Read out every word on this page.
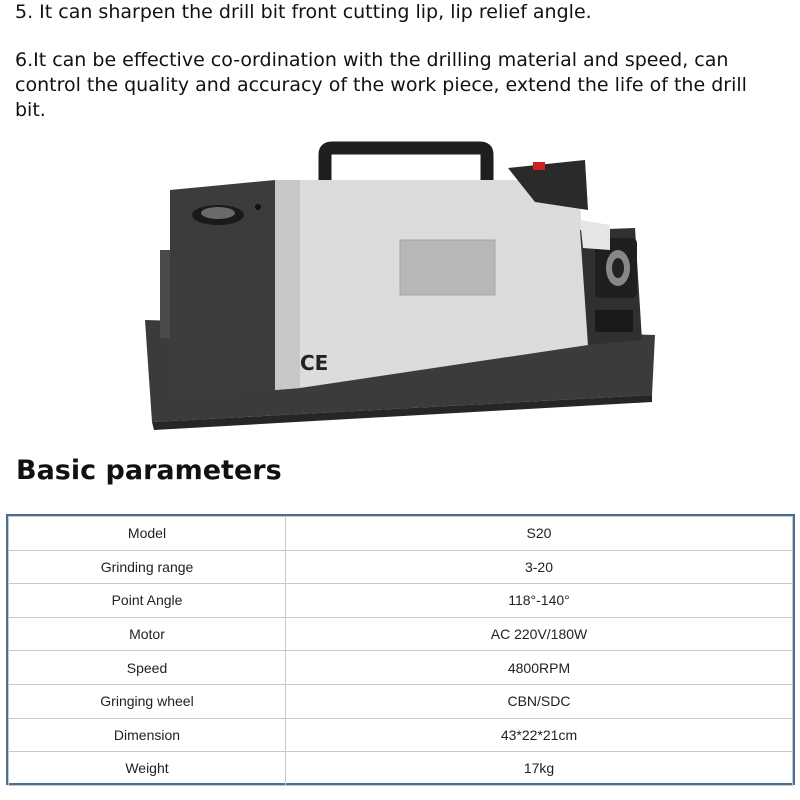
5. It can sharpen the drill bit front cutting lip, lip relief angle.
6.It can be effective co-ordination with the drilling material and speed, can control the quality and accuracy of the work piece, extend the life of the drill bit.
CE
Basic parameters
Model	S20
Grinding range	3-20
Point Angle	118°-140°
Motor	AC 220V/180W
Speed	4800RPM
Gringing wheel	CBN/SDC
Dimension	43*22*21cm
Weight	17kg
